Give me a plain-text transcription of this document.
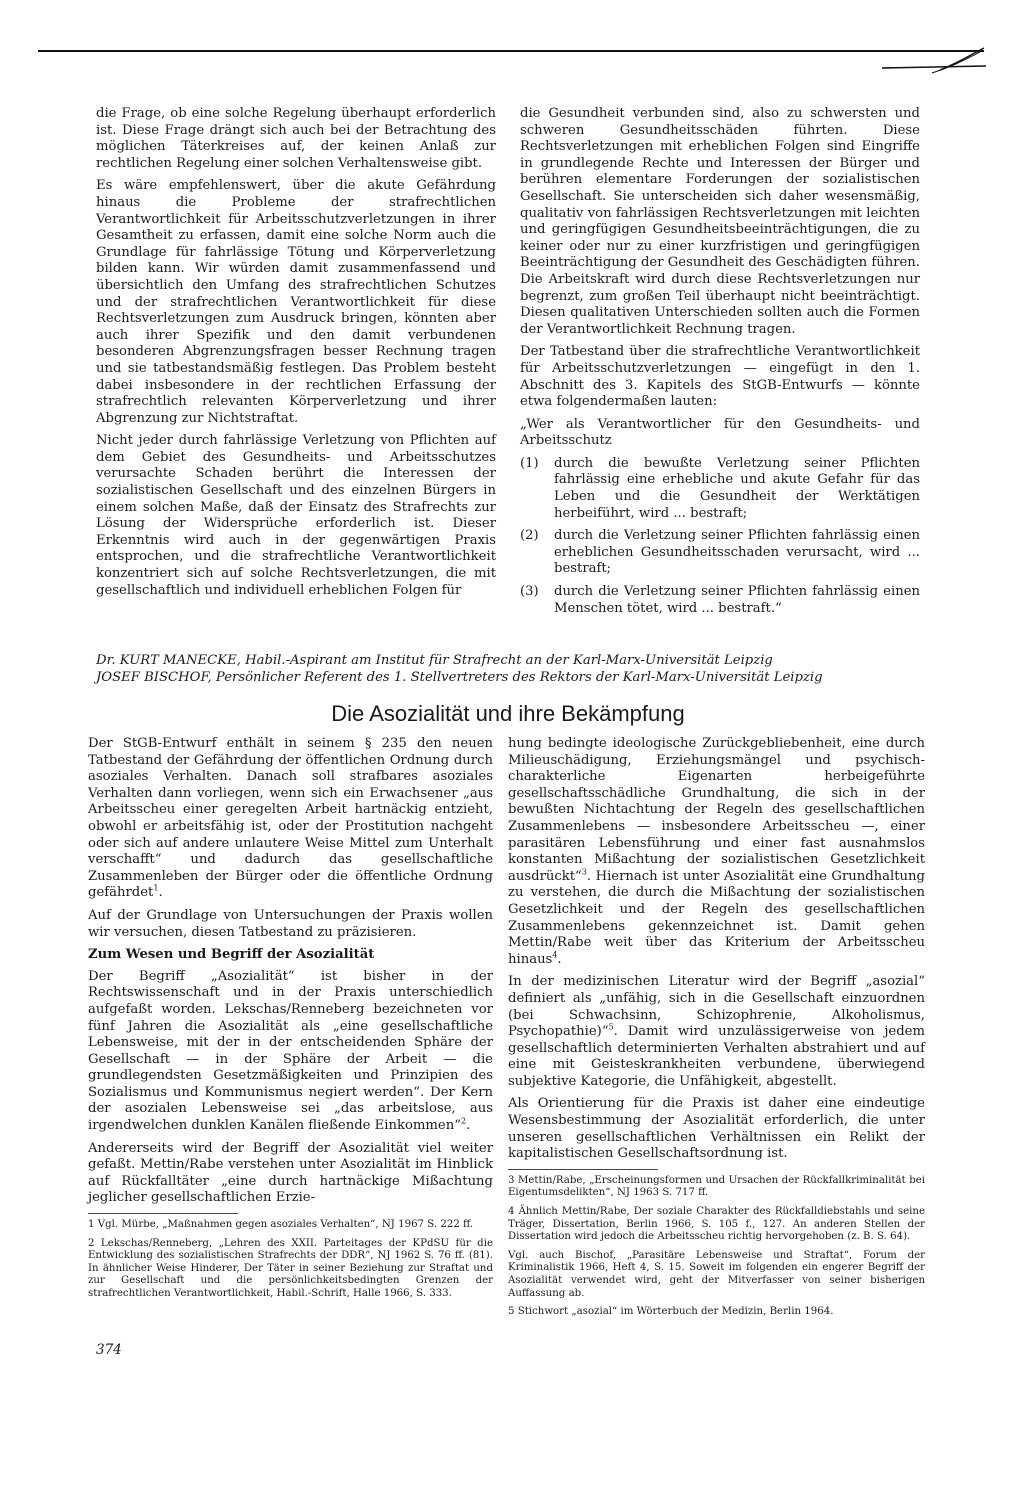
die Frage, ob eine solche Regelung überhaupt erforderlich ist. Diese Frage drängt sich auch bei der Betrachtung des möglichen Täterkreises auf, der keinen Anlaß zur rechtlichen Regelung einer solchen Verhaltensweise gibt.

Es wäre empfehlenswert, über die akute Gefährdung hinaus die Probleme der strafrechtlichen Verantwortlichkeit für Arbeitsschutzverletzungen in ihrer Gesamtheit zu erfassen, damit eine solche Norm auch die Grundlage für fahrlässige Tötung und Körperverletzung bilden kann. Wir würden damit zusammenfassend und übersichtlich den Umfang des strafrechtlichen Schutzes und der strafrechtlichen Verantwortlichkeit für diese Rechtsverletzungen zum Ausdruck bringen, könnten aber auch ihrer Spezifik und den damit verbundenen besonderen Abgrenzungsfragen besser Rechnung tragen und sie tatbestandsmäßig festlegen. Das Problem besteht dabei insbesondere in der rechtlichen Erfassung der strafrechtlich relevanten Körperverletzung und ihrer Abgrenzung zur Nichtstraftat.

Nicht jeder durch fahrlässige Verletzung von Pflichten auf dem Gebiet des Gesundheits- und Arbeitsschutzes verursachte Schaden berührt die Interessen der sozialistischen Gesellschaft und des einzelnen Bürgers in einem solchen Maße, daß der Einsatz des Strafrechts zur Lösung der Widersprüche erforderlich ist. Dieser Erkenntnis wird auch in der gegenwärtigen Praxis entsprochen, und die strafrechtliche Verantwortlichkeit konzentriert sich auf solche Rechtsverletzungen, die mit gesellschaftlich und individuell erheblichen Folgen für

die Gesundheit verbunden sind, also zu schwersten und schweren Gesundheitsschäden führten. Diese Rechtsverletzungen mit erheblichen Folgen sind Eingriffe in grundlegende Rechte und Interessen der Bürger und berühren elementare Forderungen der sozialistischen Gesellschaft. Sie unterscheiden sich daher wesensmäßig, qualitativ von fahrlässigen Rechtsverletzungen mit leichten und geringfügigen Gesundheitsbeeinträchtigungen, die zu keiner oder nur zu einer kurzfristigen und geringfügigen Beeinträchtigung der Gesundheit des Geschädigten führen. Die Arbeitskraft wird durch diese Rechtsverletzungen nur begrenzt, zum großen Teil überhaupt nicht beeinträchtigt. Diesen qualitativen Unterschieden sollten auch die Formen der Verantwortlichkeit Rechnung tragen.

Der Tatbestand über die strafrechtliche Verantwortlichkeit für Arbeitsschutzverletzungen — eingefügt in den 1. Abschnitt des 3. Kapitels des StGB-Entwurfs — könnte etwa folgendermaßen lauten:

„Wer als Verantwortlicher für den Gesundheits- und Arbeitsschutz

(1)	durch die bewußte Verletzung seiner Pflichten fahrlässig eine erhebliche und akute Gefahr für das Leben und die Gesundheit der Werktätigen herbeiführt, wird ... bestraft;
(2)	durch die Verletzung seiner Pflichten fahrlässig einen erheblichen Gesundheitsschaden verursacht, wird ... bestraft;
(3)	durch die Verletzung seiner Pflichten fahrlässig einen Menschen tötet, wird ... bestraft.“
Dr. KURT MANECKE, Habil.-Aspirant am Institut für Strafrecht an der Karl-Marx-Universität Leipzig
JOSEF BISCHOF, Persönlicher Referent des 1. Stellvertreters des Rektors der Karl-Marx-Universität Leipzig
Die Asozialität und ihre Bekämpfung

Der StGB-Entwurf enthält in seinem § 235 den neuen Tatbestand der Gefährdung der öffentlichen Ordnung durch asoziales Verhalten. Danach soll strafbares asoziales Verhalten dann vorliegen, wenn sich ein Erwachsener „aus Arbeitsscheu einer geregelten Arbeit hartnäckig entzieht, obwohl er arbeitsfähig ist, oder der Prostitution nachgeht oder sich auf andere unlautere Weise Mittel zum Unterhalt verschafft“ und dadurch das gesellschaftliche Zusammenleben der Bürger oder die öffentliche Ordnung gefährdet$^1$.

Auf der Grundlage von Untersuchungen der Praxis wollen wir versuchen, diesen Tatbestand zu präzisieren.

Zum Wesen und Begriff der Asozialität

Der Begriff „Asozialität“ ist bisher in der Rechtswissenschaft und in der Praxis unterschiedlich aufgefaßt worden. Lekschas/Renneberg bezeichneten vor fünf Jahren die Asozialität als „eine gesellschaftliche Lebensweise, mit der in der entscheidenden Sphäre der Gesellschaft — in der Sphäre der Arbeit — die grundlegendsten Gesetzmäßigkeiten und Prinzipien des Sozialismus und Kommunismus negiert werden“. Der Kern der asozialen Lebensweise sei „das arbeitslose, aus irgendwelchen dunklen Kanälen fließende Einkommen“$^2$.

Andererseits wird der Begriff der Asozialität viel weiter gefaßt. Mettin/Rabe verstehen unter Asozialität im Hinblick auf Rückfalltäter „eine durch hartnäckige Mißachtung jeglicher gesellschaftlichen Erzie-

1 Vgl. Mürbe, „Maßnahmen gegen asoziales Verhalten“, NJ 1967 S. 222 ff.

2 Lekschas/Renneberg, „Lehren des XXII. Parteitages der KPdSU für die Entwicklung des sozialistischen Strafrechts der DDR“, NJ 1962 S. 76 ff. (81). In ähnlicher Weise Hinderer, Der Täter in seiner Beziehung zur Straftat und zur Gesellschaft und die persönlichkeitsbedingten Grenzen der strafrechtlichen Verantwortlichkeit, Habil.-Schrift, Halle 1966, S. 333.

hung bedingte ideologische Zurückgebliebenheit, eine durch Milieuschädigung, Erziehungsmängel und psychisch-charakterliche Eigenarten herbeigeführte gesellschaftsschädliche Grundhaltung, die sich in der bewußten Nichtachtung der Regeln des gesellschaftlichen Zusammenlebens — insbesondere Arbeitsscheu —, einer parasitären Lebensführung und einer fast ausnahmslos konstanten Mißachtung der sozialistischen Gesetzlichkeit ausdrückt“$^3$. Hiernach ist unter Asozialität eine Grundhaltung zu verstehen, die durch die Mißachtung der sozialistischen Gesetzlichkeit und der Regeln des gesellschaftlichen Zusammenlebens gekennzeichnet ist. Damit gehen Mettin/Rabe weit über das Kriterium der Arbeitsscheu hinaus$^4$.

In der medizinischen Literatur wird der Begriff „asozial“ definiert als „unfähig, sich in die Gesellschaft einzuordnen (bei Schwachsinn, Schizophrenie, Alkoholismus, Psychopathie)“$^5$. Damit wird unzulässigerweise von jedem gesellschaftlich determinierten Verhalten abstrahiert und auf eine mit Geisteskrankheiten verbundene, überwiegend subjektive Kategorie, die Unfähigkeit, abgestellt.

Als Orientierung für die Praxis ist daher eine eindeutige Wesensbestimmung der Asozialität erforderlich, die unter unseren gesellschaftlichen Verhältnissen ein Relikt der kapitalistischen Gesellschaftsordnung ist.

3 Mettin/Rabe, „Erscheinungsformen und Ursachen der Rückfallkriminalität bei Eigentumsdelikten“, NJ 1963 S. 717 ff.

4 Ähnlich Mettin/Rabe, Der soziale Charakter des Rückfalldiebstahls und seine Träger, Dissertation, Berlin 1966, S. 105 f., 127. An anderen Stellen der Dissertation wird jedoch die Arbeitsscheu richtig hervorgehoben (z. B. S. 64).

Vgl. auch Bischof, „Parasitäre Lebensweise und Straftat“, Forum der Kriminalistik 1966, Heft 4, S. 15. Soweit im folgenden ein engerer Begriff der Asozialität verwendet wird, geht der Mitverfasser von seiner bisherigen Auffassung ab.

5 Stichwort „asozial“ im Wörterbuch der Medizin, Berlin 1964.

374
